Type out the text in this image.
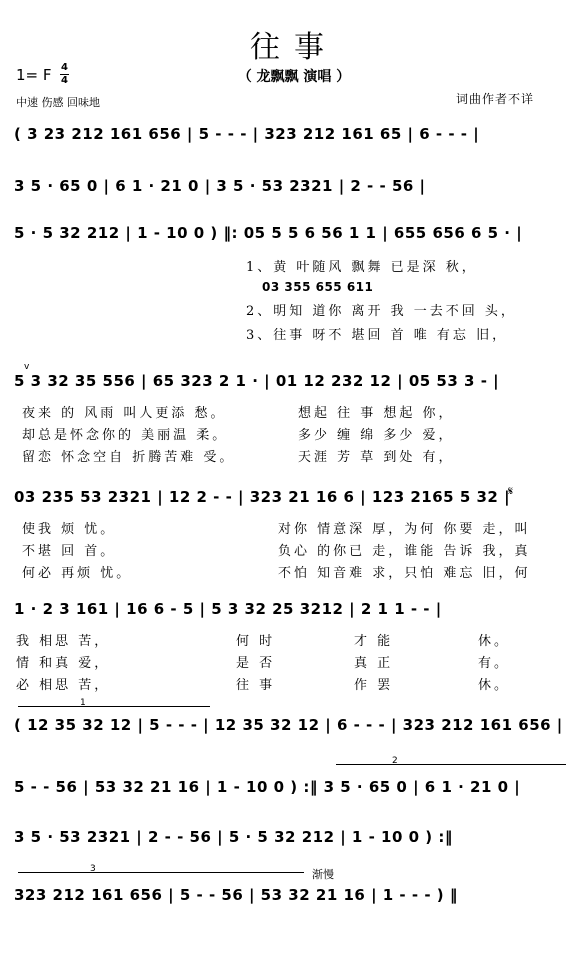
往事
（ 龙飘飘 演唱 ）
1= F 4
4
中速 伤感 回味地	词曲作者不详
( 3 23 212 161 656 | 5 - - - | 323 212 161 65 | 6 - - - |
3 5 · 65 0 | 6 1 · 21 0 | 3 5 · 53 2321 | 2 - - 56 |
5 · 5 32 212 | 1 - 10 0 ) ‖: 05 5 5 6 56 1 1 | 655 656 6 5 · |
1、黄 叶随风 飘舞 已是深 秋，
03 355 655 611
2、明知 道你 离开 我 一去不回 头，
3、往事 呀不 堪回 首 唯 有忘 旧，
5 3 32 35 556 | 65 323 2 1 · | 01 12 232 12 | 05 53 3 - |
v
夜来 的 风雨 叫人更添 愁。	想起 往 事 想起 你，
却总是怀念你的 美丽温 柔。	多少 缠 绵 多少 爱，
留恋 怀念空自 折腾苦难 受。	天涯 芳 草 到处 有，
03 235 53 2321 | 12 2 - - | 323 21 16 6 | 123 2165 5 32 |
𝄋
使我 烦 忧。	对你 情意深 厚，为何 你要 走，叫
不堪 回 首。	负心 的你已 走，谁能 告诉 我，真
何必 再烦 忧。	不怕 知音难 求，只怕 难忘 旧，何
1 · 2 3 161 | 16 6 - 5 | 5 3 32 25 3212 | 2 1 1 - - |
我 相思 苦，	何 时	才 能	休。
情 和真 爱，	是 否	真 正	有。
必 相思 苦，	往 事	作 罢	休。
1
( 12 35 32 12 | 5 - - - | 12 35 32 12 | 6 - - - | 323 212 161 656 |
2
5 - - 56 | 53 32 21 16 | 1 - 10 0 ) :‖ 3 5 · 65 0 | 6 1 · 21 0 |
3 5 · 53 2321 | 2 - - 56 | 5 · 5 32 212 | 1 - 10 0 ) :‖
3	渐慢
323 212 161 656 | 5 - - 56 | 53 32 21 16 | 1 - - - ) ‖
